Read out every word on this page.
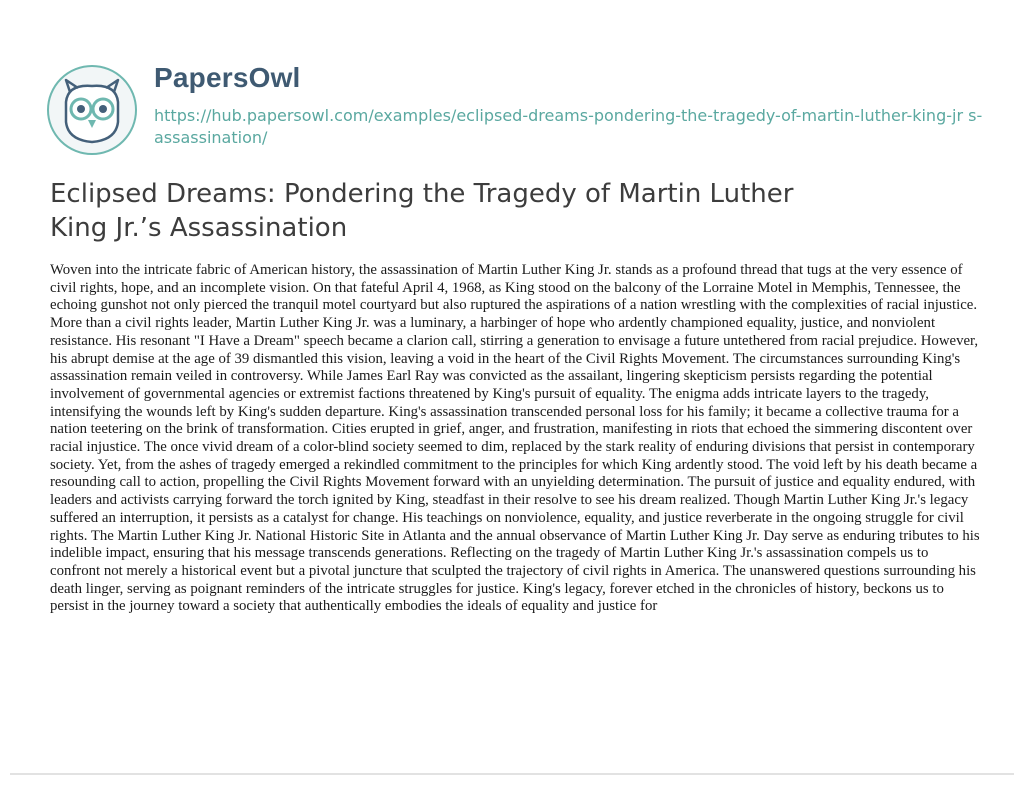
PapersOwl
https://hub.papersowl.com/examples/eclipsed-dreams-pondering-the-tragedy-of-martin-luther-king-jr s-assassination/
Eclipsed Dreams: Pondering the Tragedy of Martin Luther King Jr.’s Assassination

Woven into the intricate fabric of American history, the assassination of Martin Luther King Jr. stands as a profound thread that tugs at the very essence of civil rights, hope, and an incomplete vision. On that fateful April 4, 1968, as King stood on the balcony of the Lorraine Motel in Memphis, Tennessee, the echoing gunshot not only pierced the tranquil motel courtyard but also ruptured the aspirations of a nation wrestling with the complexities of racial injustice. More than a civil rights leader, Martin Luther King Jr. was a luminary, a harbinger of hope who ardently championed equality, justice, and nonviolent resistance. His resonant "I Have a Dream" speech became a clarion call, stirring a generation to envisage a future untethered from racial prejudice. However, his abrupt demise at the age of 39 dismantled this vision, leaving a void in the heart of the Civil Rights Movement. The circumstances surrounding King's assassination remain veiled in controversy. While James Earl Ray was convicted as the assailant, lingering skepticism persists regarding the potential involvement of governmental agencies or extremist factions threatened by King's pursuit of equality. The enigma adds intricate layers to the tragedy, intensifying the wounds left by King's sudden departure. King's assassination transcended personal loss for his family; it became a collective trauma for a nation teetering on the brink of transformation. Cities erupted in grief, anger, and frustration, manifesting in riots that echoed the simmering discontent over racial injustice. The once vivid dream of a color-blind society seemed to dim, replaced by the stark reality of enduring divisions that persist in contemporary society. Yet, from the ashes of tragedy emerged a rekindled commitment to the principles for which King ardently stood. The void left by his death became a resounding call to action, propelling the Civil Rights Movement forward with an unyielding determination. The pursuit of justice and equality endured, with leaders and activists carrying forward the torch ignited by King, steadfast in their resolve to see his dream realized. Though Martin Luther King Jr.'s legacy suffered an interruption, it persists as a catalyst for change. His teachings on nonviolence, equality, and justice reverberate in the ongoing struggle for civil rights. The Martin Luther King Jr. National Historic Site in Atlanta and the annual observance of Martin Luther King Jr. Day serve as enduring tributes to his indelible impact, ensuring that his message transcends generations. Reflecting on the tragedy of Martin Luther King Jr.'s assassination compels us to confront not merely a historical event but a pivotal juncture that sculpted the trajectory of civil rights in America. The unanswered questions surrounding his death linger, serving as poignant reminders of the intricate struggles for justice. King's legacy, forever etched in the chronicles of history, beckons us to persist in the journey toward a society that authentically embodies the ideals of equality and justice for
